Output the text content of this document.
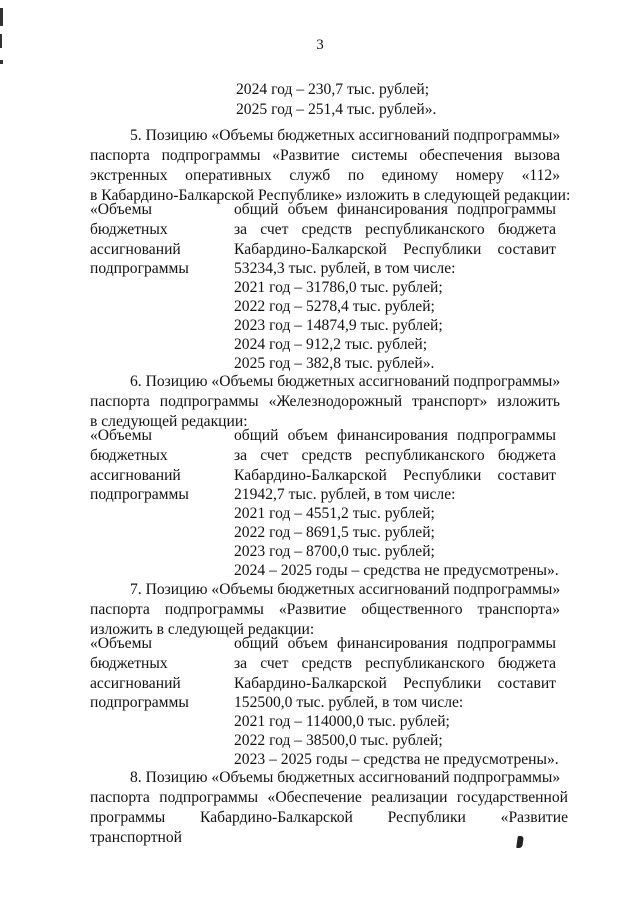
3
2024 год – 230,7 тыс. рублей;
2025 год – 251,4 тыс. рублей».
5. Позицию «Объемы бюджетных ассигнований подпрограммы»
паспорта подпрограммы «Развитие системы обеспечения вызова
экстренных оперативных служб по единому номеру «112»
в Кабардино-Балкарской Республике» изложить в следующей редакции:
«Объемы
бюджетных
ассигнований
подпрограммы
общий объем финансирования подпрограммы
за счет средств республиканского бюджета
Кабардино-Балкарской Республики составит
53234,3 тыс. рублей, в том числе:
2021 год – 31786,0 тыс. рублей;
2022 год – 5278,4 тыс. рублей;
2023 год – 14874,9 тыс. рублей;
2024 год – 912,2 тыс. рублей;
2025 год – 382,8 тыс. рублей».
6. Позицию «Объемы бюджетных ассигнований подпрограммы»
паспорта подпрограммы «Железнодорожный транспорт» изложить
в следующей редакции:
«Объемы
бюджетных
ассигнований
подпрограммы
общий объем финансирования подпрограммы
за счет средств республиканского бюджета
Кабардино-Балкарской Республики составит
21942,7 тыс. рублей, в том числе:
2021 год – 4551,2 тыс. рублей;
2022 год – 8691,5 тыс. рублей;
2023 год – 8700,0 тыс. рублей;
2024 – 2025 годы – средства не предусмотрены».
7. Позицию «Объемы бюджетных ассигнований подпрограммы»
паспорта подпрограммы «Развитие общественного транспорта»
изложить в следующей редакции:
«Объемы
бюджетных
ассигнований
подпрограммы
общий объем финансирования подпрограммы
за счет средств республиканского бюджета
Кабардино-Балкарской Республики составит
152500,0 тыс. рублей, в том числе:
2021 год – 114000,0 тыс. рублей;
2022 год – 38500,0 тыс. рублей;
2023 – 2025 годы – средства не предусмотрены».
8. Позицию «Объемы бюджетных ассигнований подпрограммы»
паспорта подпрограммы «Обеспечение реализации государственной
программы Кабардино-Балкарской Республики «Развитие транспортной
